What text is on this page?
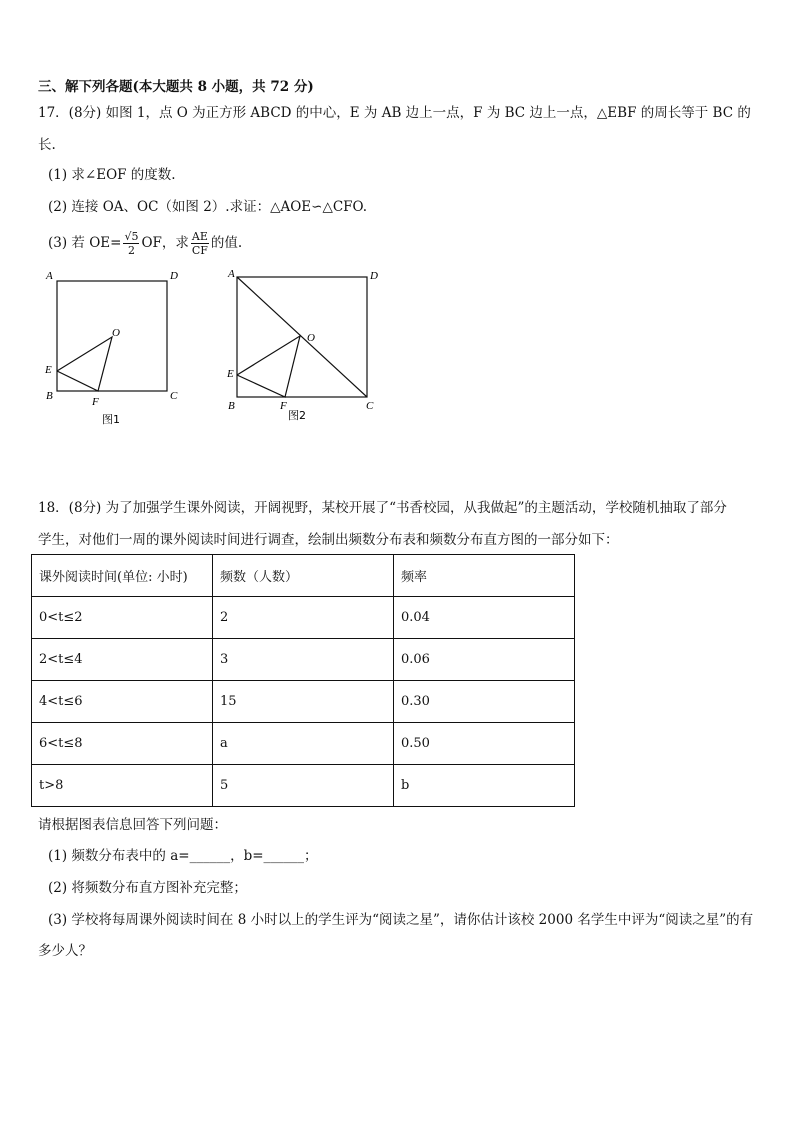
三、解下列各题(本大题共 8 小题，共 72 分)
17．(8分) 如图 1，点 O 为正方形 ABCD 的中心，E 为 AB 边上一点，F 为 BC 边上一点，△EBF 的周长等于 BC 的
长.
(1) 求∠EOF 的度数.
(2) 连接 OA、OC（如图 2）.求证：△AOE∽△CFO.
(3) 若 $OE= \frac{√5}{2}$ OF，求 $\frac{AE}{CF}$ 的值.
A	D
B	C
E
F
O
图1
A	D
B	C
E
F
O
图2
18．(8分) 为了加强学生课外阅读，开阔视野，某校开展了“书香校园，从我做起”的主题活动，学校随机抽取了部分
学生，对他们一周的课外阅读时间进行调查，绘制出频数分布表和频数分布直方图的一部分如下：
课外阅读时间(单位: 小时)	频数（人数）	频率
0<t≤2	2	0.04
2<t≤4	3	0.06
4<t≤6	15	0.30
6<t≤8	a	0.50
t>8	5	b
请根据图表信息回答下列问题：
(1) 频数分布表中的 a=______，b=______；
(2) 将频数分布直方图补充完整；
(3) 学校将每周课外阅读时间在 8 小时以上的学生评为“阅读之星”，请你估计该校 2000 名学生中评为“阅读之星”的有
多少人？
